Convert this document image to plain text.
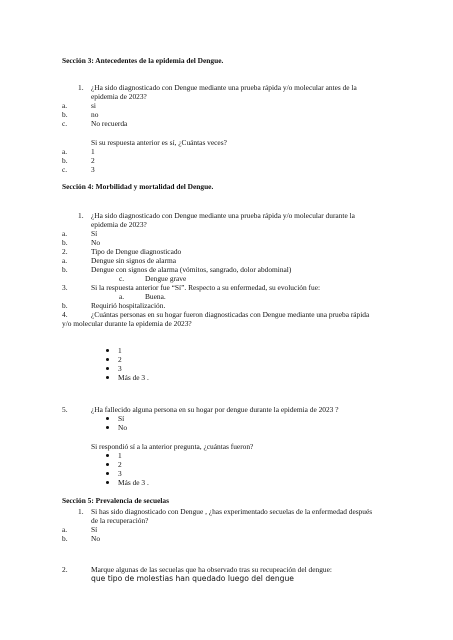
Sección 3: Antecedentes de la epidemia del Dengue.
1. ¿Ha sido diagnosticado con Dengue mediante una prueba rápida y/o molecular antes de la
epidemia de 2023?
a.	si
b.	no
c.	No recuerda
Si su respuesta anterior es sí, ¿Cuántas veces?
a.	1
b.	2
c.	3
Sección 4: Morbilidad y mortalidad del Dengue.
1. ¿Ha sido diagnosticado con Dengue mediante una prueba rápida y/o molecular durante la
epidemia de 2023?
a.	Sí
b.	No
2.	Tipo de Dengue diagnosticado
a.	Dengue sin signos de alarma
b.	Dengue con signos de alarma (vómitos, sangrado, dolor abdominal)
c.	Dengue grave
3.	Si la respuesta anterior fue “Sí”. Respecto a su enfermedad, su evolución fue:
a.	Buena.
b.	Requirió hospitalización.
4.	¿Cuántas personas en su hogar fueron diagnosticadas con Dengue mediante una prueba rápida
y/o molecular durante la epidemia de 2023?
1
2
3
Más de 3 .
5.	¿Ha fallecido alguna persona en su hogar por dengue durante la epidemia de 2023 ?
Sí
No
Si respondió sí a la anterior pregunta, ¿cuántas fueron?
1
2
3
Más de 3 .
Sección 5: Prevalencia de secuelas
1. Si has sido diagnosticado con Dengue , ¿has experimentado secuelas de la enfermedad después
de la recuperación?
a.	Sí
b.	No
2.	Marque algunas de las secuelas que ha observado tras su recupeación del dengue:
que tipo de molestias han quedado luego del dengue
